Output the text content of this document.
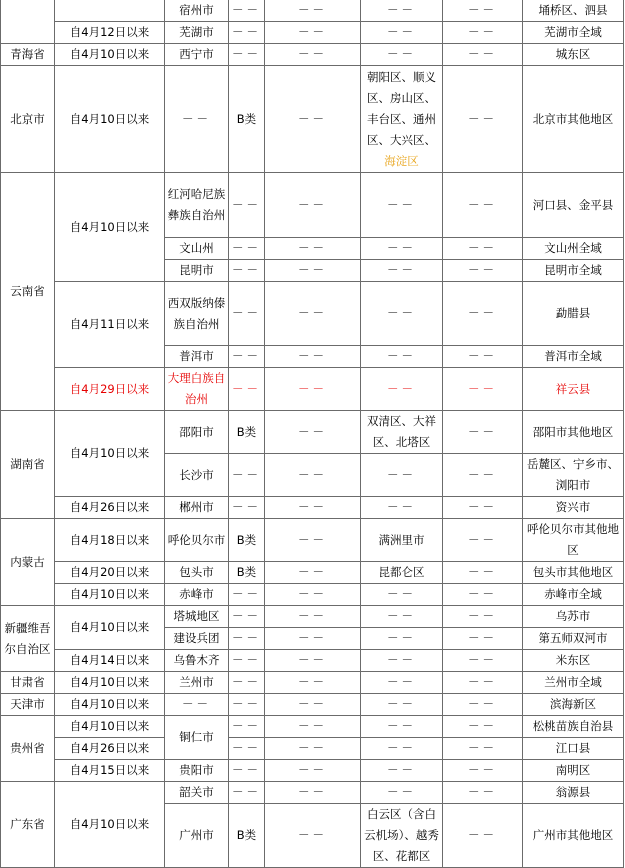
		宿州市	－－	－－	－－	－－	埇桥区、泗县
	自4月12日以来	芜湖市	－－	－－	－－	－－	芜湖市全域
青海省	自4月10日以来	西宁市	－－	－－	－－	－－	城东区
北京市	自4月10日以来	－－	B类	－－	朝阳区、顺义区、房山区、丰台区、通州区、大兴区、海淀区	－－	北京市其他地区
云南省	自4月10日以来	红河哈尼族彝族自治州	－－	－－	－－	－－	河口县、金平县
		文山州	－－	－－	－－	－－	文山州全域
		昆明市	－－	－－	－－	－－	昆明市全域
	自4月11日以来	西双版纳傣族自治州	－－	－－	－－	－－	勐腊县
		普洱市	－－	－－	－－	－－	普洱市全域
	自4月29日以来	大理白族自治州	－－	－－	－－	－－	祥云县
湖南省	自4月10日以来	邵阳市	B类	－－	双清区、大祥区、北塔区	－－	邵阳市其他地区
		长沙市	－－	－－	－－	－－	岳麓区、宁乡市、浏阳市
	自4月26日以来	郴州市	－－	－－	－－	－－	资兴市
内蒙古	自4月18日以来	呼伦贝尔市	B类	－－	满洲里市	－－	呼伦贝尔市其他地区
	自4月20日以来	包头市	B类	－－	昆都仑区	－－	包头市其他地区
	自4月10日以来	赤峰市	－－	－－	－－	－－	赤峰市全域
新疆维吾尔自治区	自4月10日以来	塔城地区	－－	－－	－－	－－	乌苏市
		建设兵团	－－	－－	－－	－－	第五师双河市
	自4月14日以来	乌鲁木齐	－－	－－	－－	－－	米东区
甘肃省	自4月10日以来	兰州市	－－	－－	－－	－－	兰州市全域
天津市	自4月10日以来	－－	－－	－－	－－	－－	滨海新区
贵州省	自4月10日以来	铜仁市	－－	－－	－－	－－	松桃苗族自治县
	自4月26日以来		－－	－－	－－	－－	江口县
	自4月15日以来	贵阳市	－－	－－	－－	－－	南明区
广东省	自4月10日以来	韶关市	－－	－－	－－	－－	翁源县
		广州市	B类	－－	白云区（含白云机场）、越秀区、花都区	－－	广州市其他地区
